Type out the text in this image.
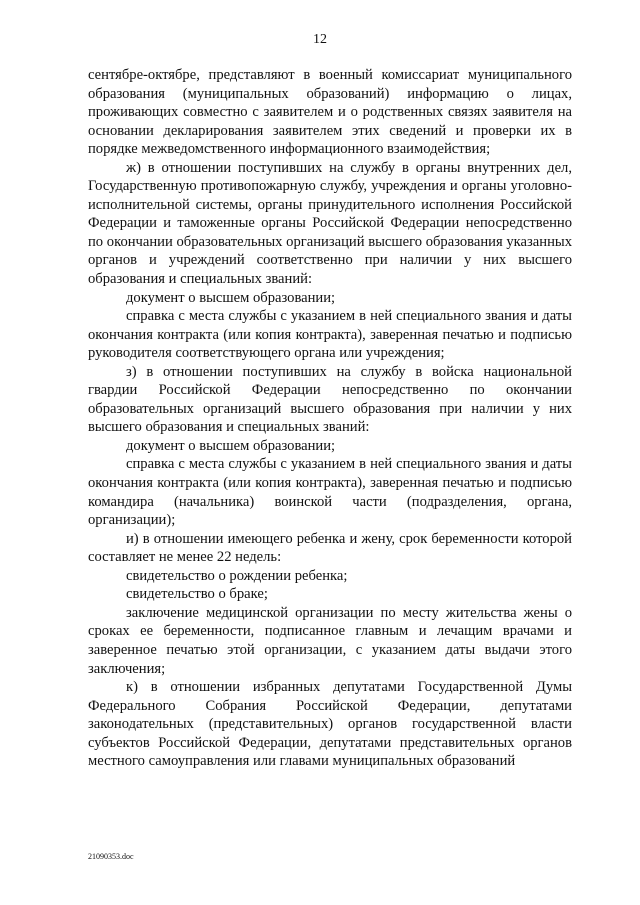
12

сентябре-октябре, представляют в военный комиссариат муниципального образования (муниципальных образований) информацию о лицах, проживающих совместно с заявителем и о родственных связях заявителя на основании декларирования заявителем этих сведений и проверки их в порядке межведомственного информационного взаимодействия;

ж) в отношении поступивших на службу в органы внутренних дел, Государственную противопожарную службу, учреждения и органы уголовно-исполнительной системы, органы принудительного исполнения Российской Федерации и таможенные органы Российской Федерации непосредственно по окончании образовательных организаций высшего образования указанных органов и учреждений соответственно при наличии у них высшего образования и специальных званий:

документ о высшем образовании;

справка с места службы с указанием в ней специального звания и даты окончания контракта (или копия контракта), заверенная печатью и подписью руководителя соответствующего органа или учреждения;

з) в отношении поступивших на службу в войска национальной гвардии Российской Федерации непосредственно по окончании образовательных организаций высшего образования при наличии у них высшего образования и специальных званий:

документ о высшем образовании;

справка с места службы с указанием в ней специального звания и даты окончания контракта (или копия контракта), заверенная печатью и подписью командира (начальника) воинской части (подразделения, органа, организации);

и) в отношении имеющего ребенка и жену, срок беременности которой составляет не менее 22 недель:

свидетельство о рождении ребенка;

свидетельство о браке;

заключение медицинской организации по месту жительства жены о сроках ее беременности, подписанное главным и лечащим врачами и заверенное печатью этой организации, с указанием даты выдачи этого заключения;

к) в отношении избранных депутатами Государственной Думы Федерального Собрания Российской Федерации, депутатами законодательных (представительных) органов государственной власти субъектов Российской Федерации, депутатами представительных органов местного самоуправления или главами муниципальных образований

21090353.doc
